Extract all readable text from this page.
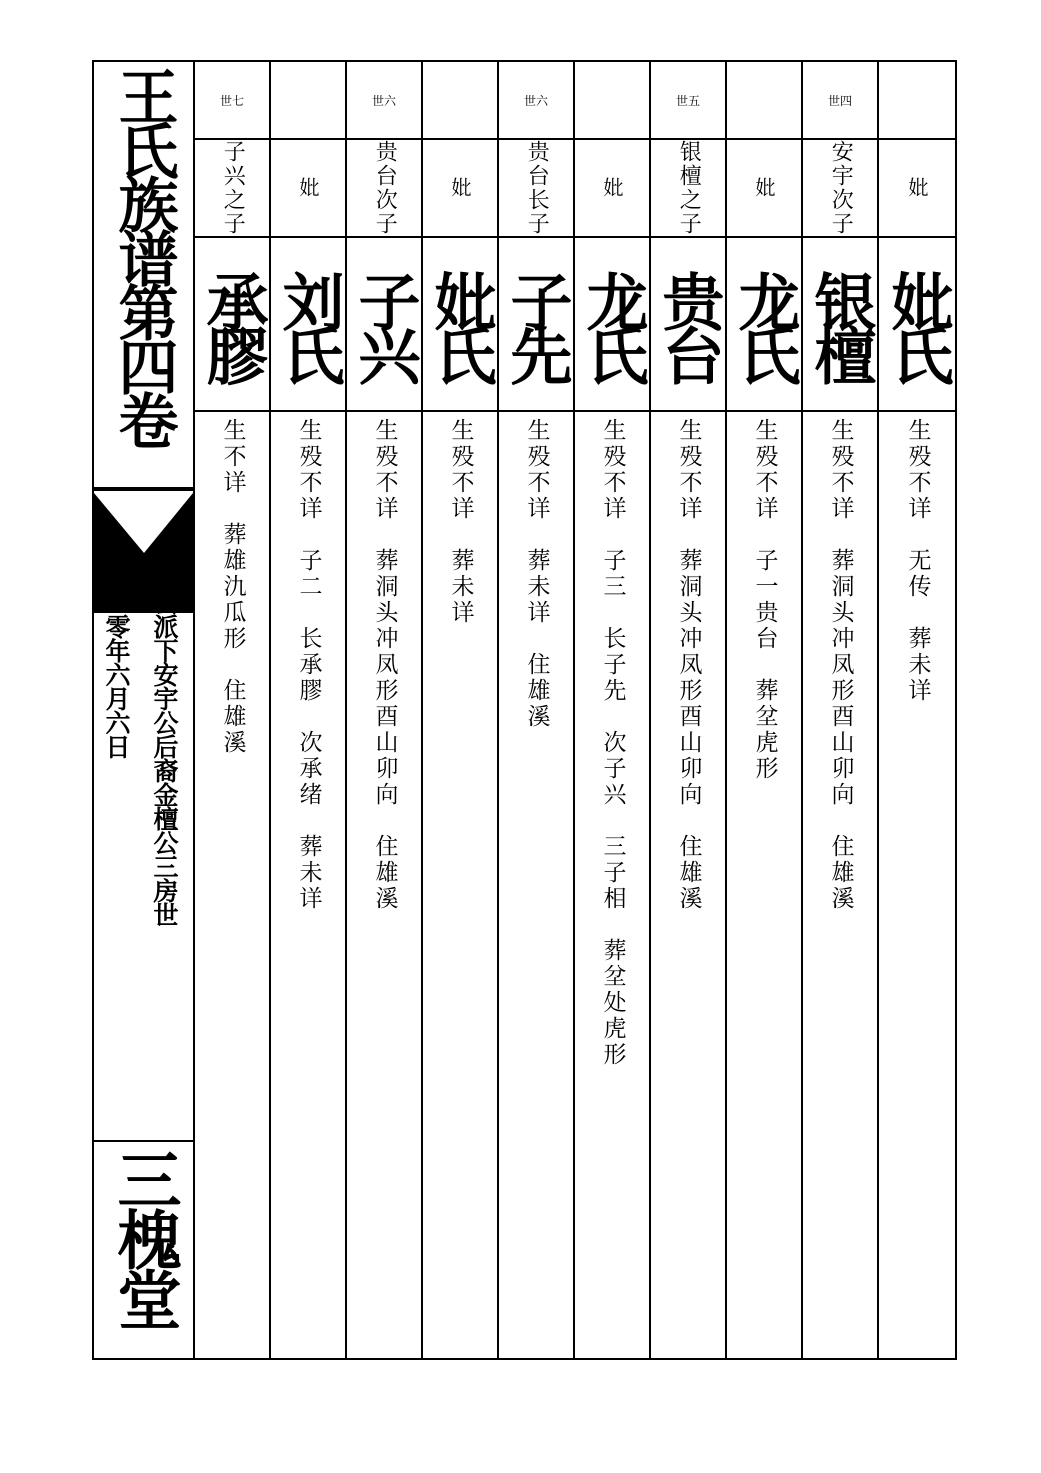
王氏族谱第四卷
冷保公派下安宇公后裔金檀公三房世
二零二零年六月六日
三槐堂
世七
子兴之子
承膠
生不详　葬雄氿瓜形　住雄溪
妣
刘氏
生殁不详　子二　长承膠　次承绪　葬未详
世六
贵台次子
子兴
生殁不详　葬洞头冲凤形酉山卯向　住雄溪
妣
妣氏
生殁不详　葬未详
世六
贵台长子
子先
生殁不详　葬未详　住雄溪
妣
龙氏
生殁不详　子三　长子先　次子兴　三子相　葬坌处虎形
世五
银檀之子
贵台
生殁不详　葬洞头冲凤形酉山卯向　住雄溪
妣
龙氏
生殁不详　子一贵台　葬坌虎形
世四
安宇次子
银檀
生殁不详　葬洞头冲凤形酉山卯向　住雄溪
妣
妣氏
生殁不详　无传　葬未详
